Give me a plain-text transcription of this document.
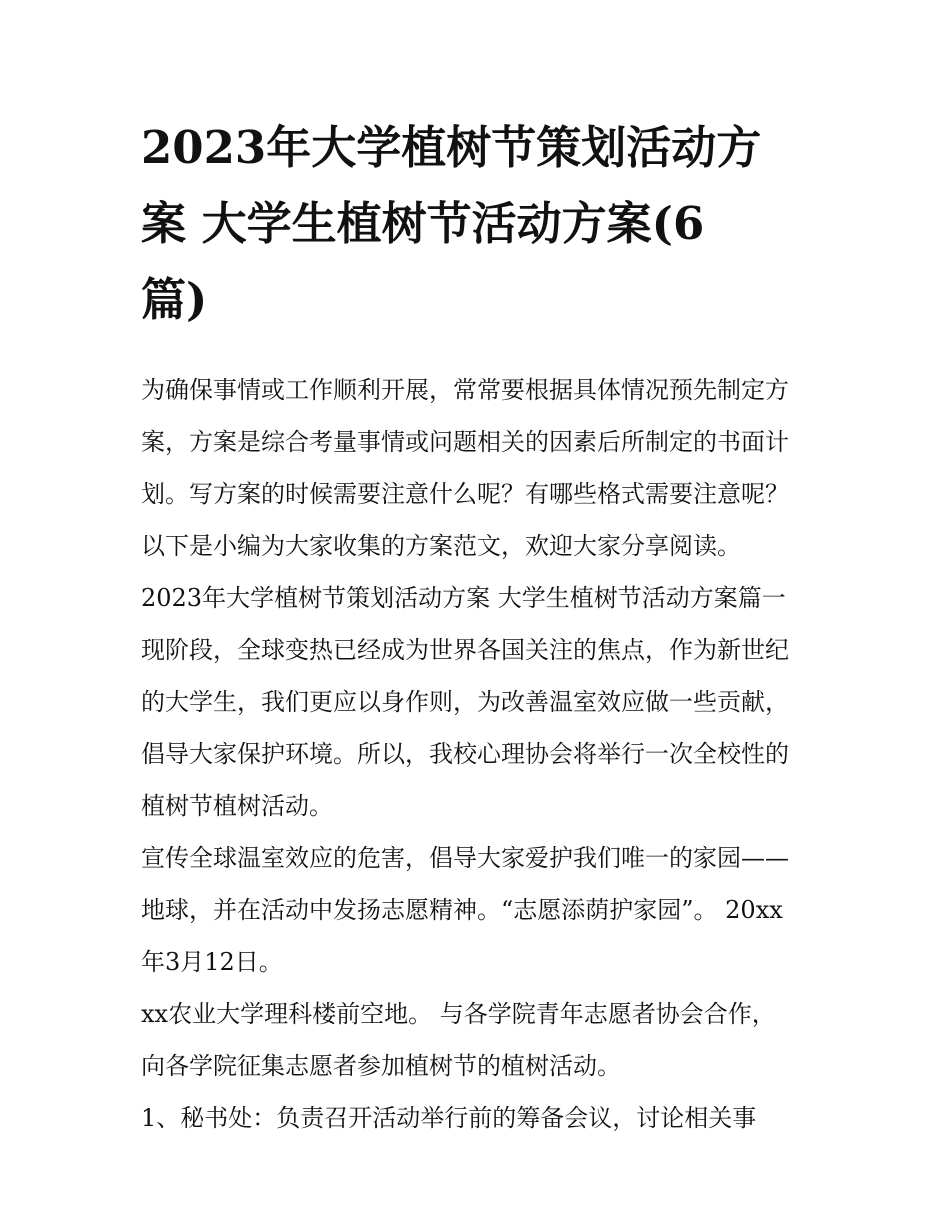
2023年大学植树节策划活动方
案 大学生植树节活动方案(6
篇)

为确保事情或工作顺利开展，常常要根据具体情况预先制定方
案，方案是综合考量事情或问题相关的因素后所制定的书面计
划。写方案的时候需要注意什么呢？有哪些格式需要注意呢？
以下是小编为大家收集的方案范文，欢迎大家分享阅读。

2023年大学植树节策划活动方案 大学生植树节活动方案篇一

现阶段，全球变热已经成为世界各国关注的焦点，作为新世纪
的大学生，我们更应以身作则，为改善温室效应做一些贡献，
倡导大家保护环境。所以，我校心理协会将举行一次全校性的
植树节植树活动。

宣传全球温室效应的危害，倡导大家爱护我们唯一的家园——
地球，并在活动中发扬志愿精神。“志愿添荫护家园”。 20xx
年3月12日。

xx农业大学理科楼前空地。 与各学院青年志愿者协会合作，
向各学院征集志愿者参加植树节的植树活动。

1、秘书处：负责召开活动举行前的筹备会议，讨论相关事
